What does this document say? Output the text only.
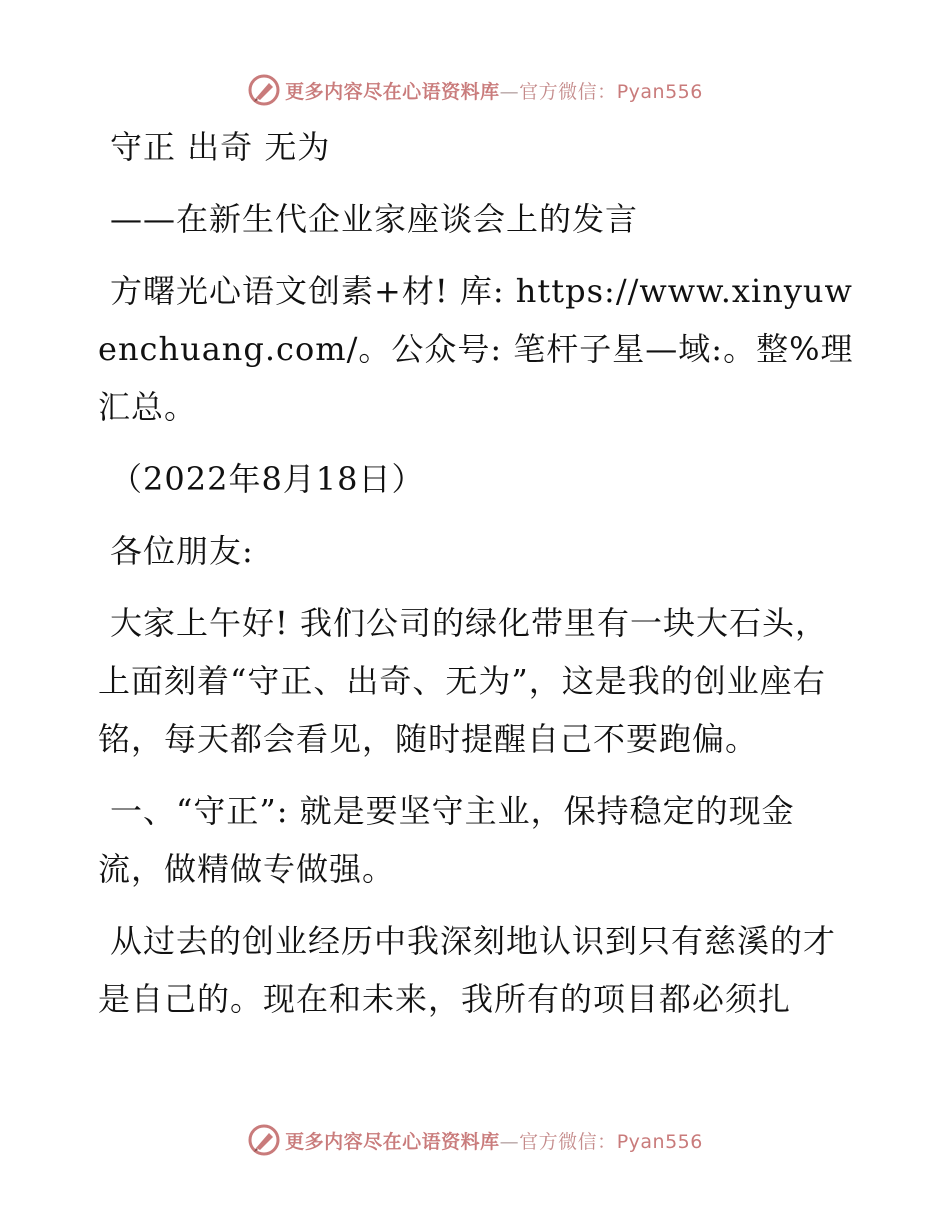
更多内容尽在心语资料库—官方微信：Pyan556
守正 出奇 无为
——在新生代企业家座谈会上的发言
方曙光心语文创素+材! 库: https://www.xinyuwenchuang.com/。公众号: 笔杆子星—域:。整%理汇总。
（2022年8月18日）
各位朋友:
大家上午好! 我们公司的绿化带里有一块大石头，上面刻着“守正、出奇、无为”，这是我的创业座右铭，每天都会看见，随时提醒自己不要跑偏。
一、“守正”: 就是要坚守主业，保持稳定的现金流，做精做专做强。
从过去的创业经历中我深刻地认识到只有慈溪的才是自己的。现在和未来，我所有的项目都必须扎
更多内容尽在心语资料库—官方微信：Pyan556
